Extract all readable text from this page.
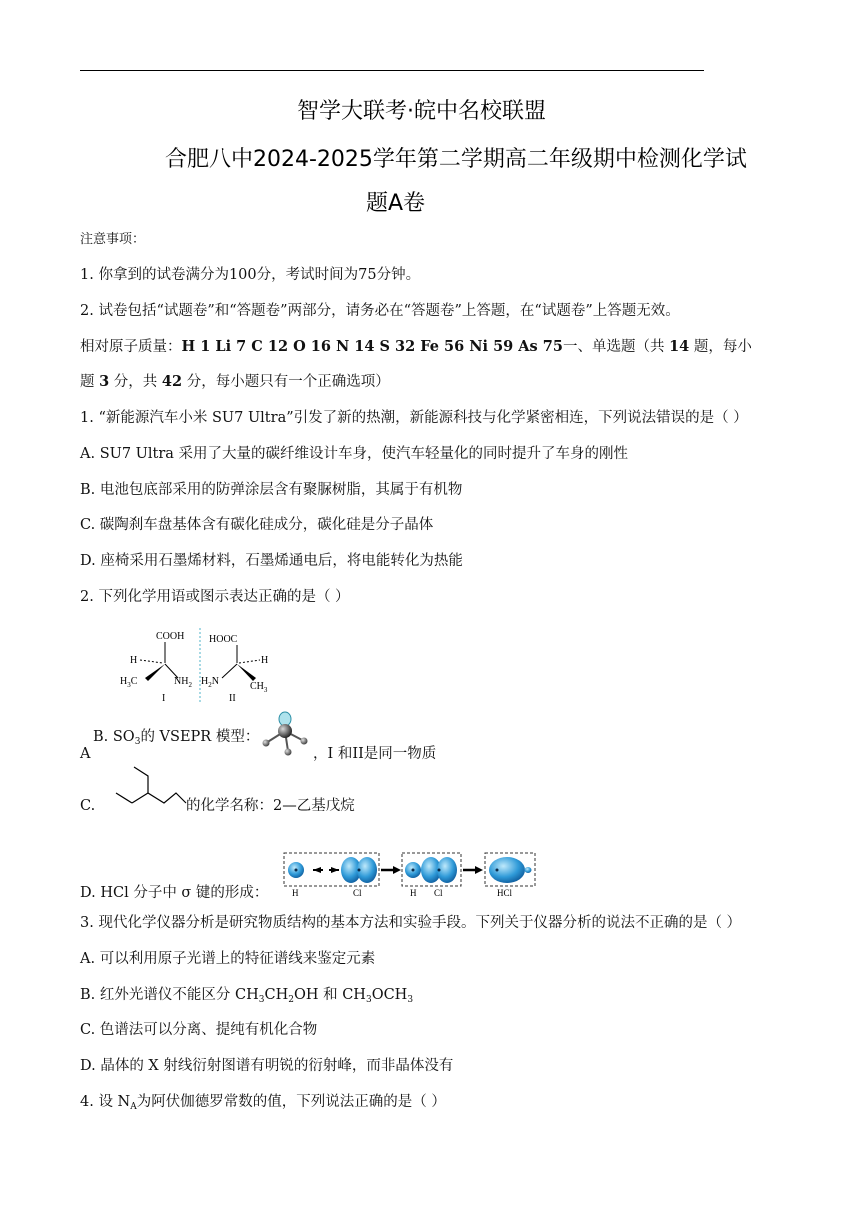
智学大联考·皖中名校联盟
合肥八中2024-2025学年第二学期高二年级期中检测化学试
题A卷
注意事项：
1. 你拿到的试卷满分为100分，考试时间为75分钟。
2. 试卷包括“试题卷”和“答题卷”两部分，请务必在“答题卷”上答题，在“试题卷”上答题无效。
相对原子质量：H 1 Li 7 C 12 O 16 N 14 S 32 Fe 56 Ni 59 As 75一、单选题（共 14 题，每小
题 3 分，共 42 分，每小题只有一个正确选项）
1. “新能源汽车小米 SU7 Ultra”引发了新的热潮，新能源科技与化学紧密相连，下列说法错误的是（ ）
A. SU7 Ultra 采用了大量的碳纤维设计车身，使汽车轻量化的同时提升了车身的刚性
B. 电池包底部采用的防弹涂层含有聚脲树脂，其属于有机物
C. 碳陶刹车盘基体含有碳化硅成分，碳化硅是分子晶体
D. 座椅采用石墨烯材料，石墨烯通电后，将电能转化为热能
2. 下列化学用语或图示表达正确的是（ ）
COOH
H
$H_3C$	$NH_2$
I
HOOC
H
$H_2N$	$CH_3$
II
B. $SO_3$的 VSEPR 模型：
A	，I 和II是同一物质
C.	的化学名称：2—乙基戊烷
D. HCl 分子中 σ 键的形成：	H	Cl	H Cl	HCl
3. 现代化学仪器分析是研究物质结构的基本方法和实验手段。下列关于仪器分析的说法不正确的是（ ）
A. 可以利用原子光谱上的特征谱线来鉴定元素
B. 红外光谱仪不能区分 $CH_3CH_2OH$ 和 $CH_3OCH_3$
C. 色谱法可以分离、提纯有机化合物
D. 晶体的 X 射线衍射图谱有明锐的衍射峰，而非晶体没有
4. 设 $N_A$为阿伏伽德罗常数的值，下列说法正确的是（ ）
